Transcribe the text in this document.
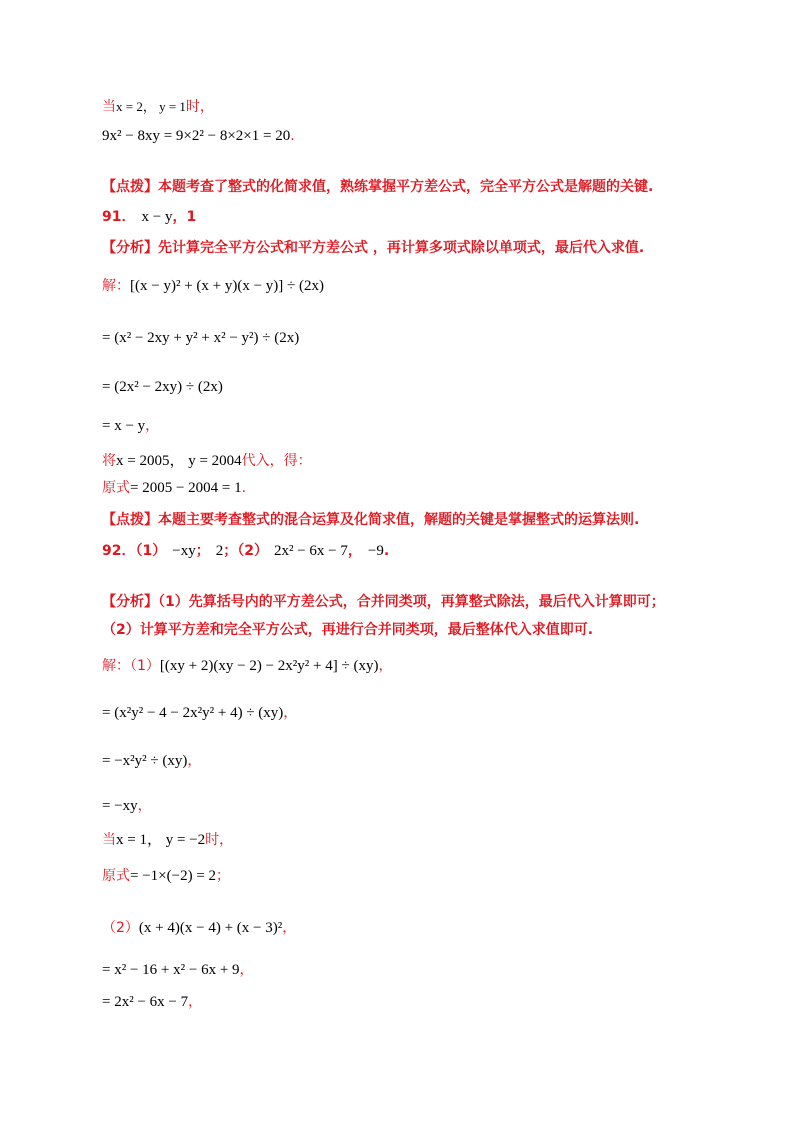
当x = 2， y = 1时，
9x² − 8xy = 9×2² − 8×2×1 = 20.
【点拨】本题考查了整式的化简求值，熟练掌握平方差公式，完全平方公式是解题的关键.
91． x − y，1
【分析】先计算完全平方公式和平方差公式 ，再计算多项式除以单项式，最后代入求值.
解：[(x − y)² + (x + y)(x − y)] ÷ (2x)
= (x² − 2xy + y² + x² − y²) ÷ (2x)
= (2x² − 2xy) ÷ (2x)
= x − y，
将x = 2005， y = 2004代入，得：
原式= 2005 − 2004 = 1.
【点拨】本题主要考查整式的混合运算及化简求值，解题的关键是掌握整式的运算法则.
92．（1） −xy； 2；（2） 2x² − 6x − 7， −9.
【分析】（1）先算括号内的平方差公式，合并同类项，再算整式除法，最后代入计算即可；
（2）计算平方差和完全平方公式，再进行合并同类项，最后整体代入求值即可.
解：（1）[(xy + 2)(xy − 2) − 2x²y² + 4] ÷ (xy)，
= (x²y² − 4 − 2x²y² + 4) ÷ (xy)，
= −x²y² ÷ (xy)，
= −xy，
当x = 1， y = −2时，
原式= −1×(−2) = 2；
（2）(x + 4)(x − 4) + (x − 3)²，
= x² − 16 + x² − 6x + 9，
= 2x² − 6x − 7，
